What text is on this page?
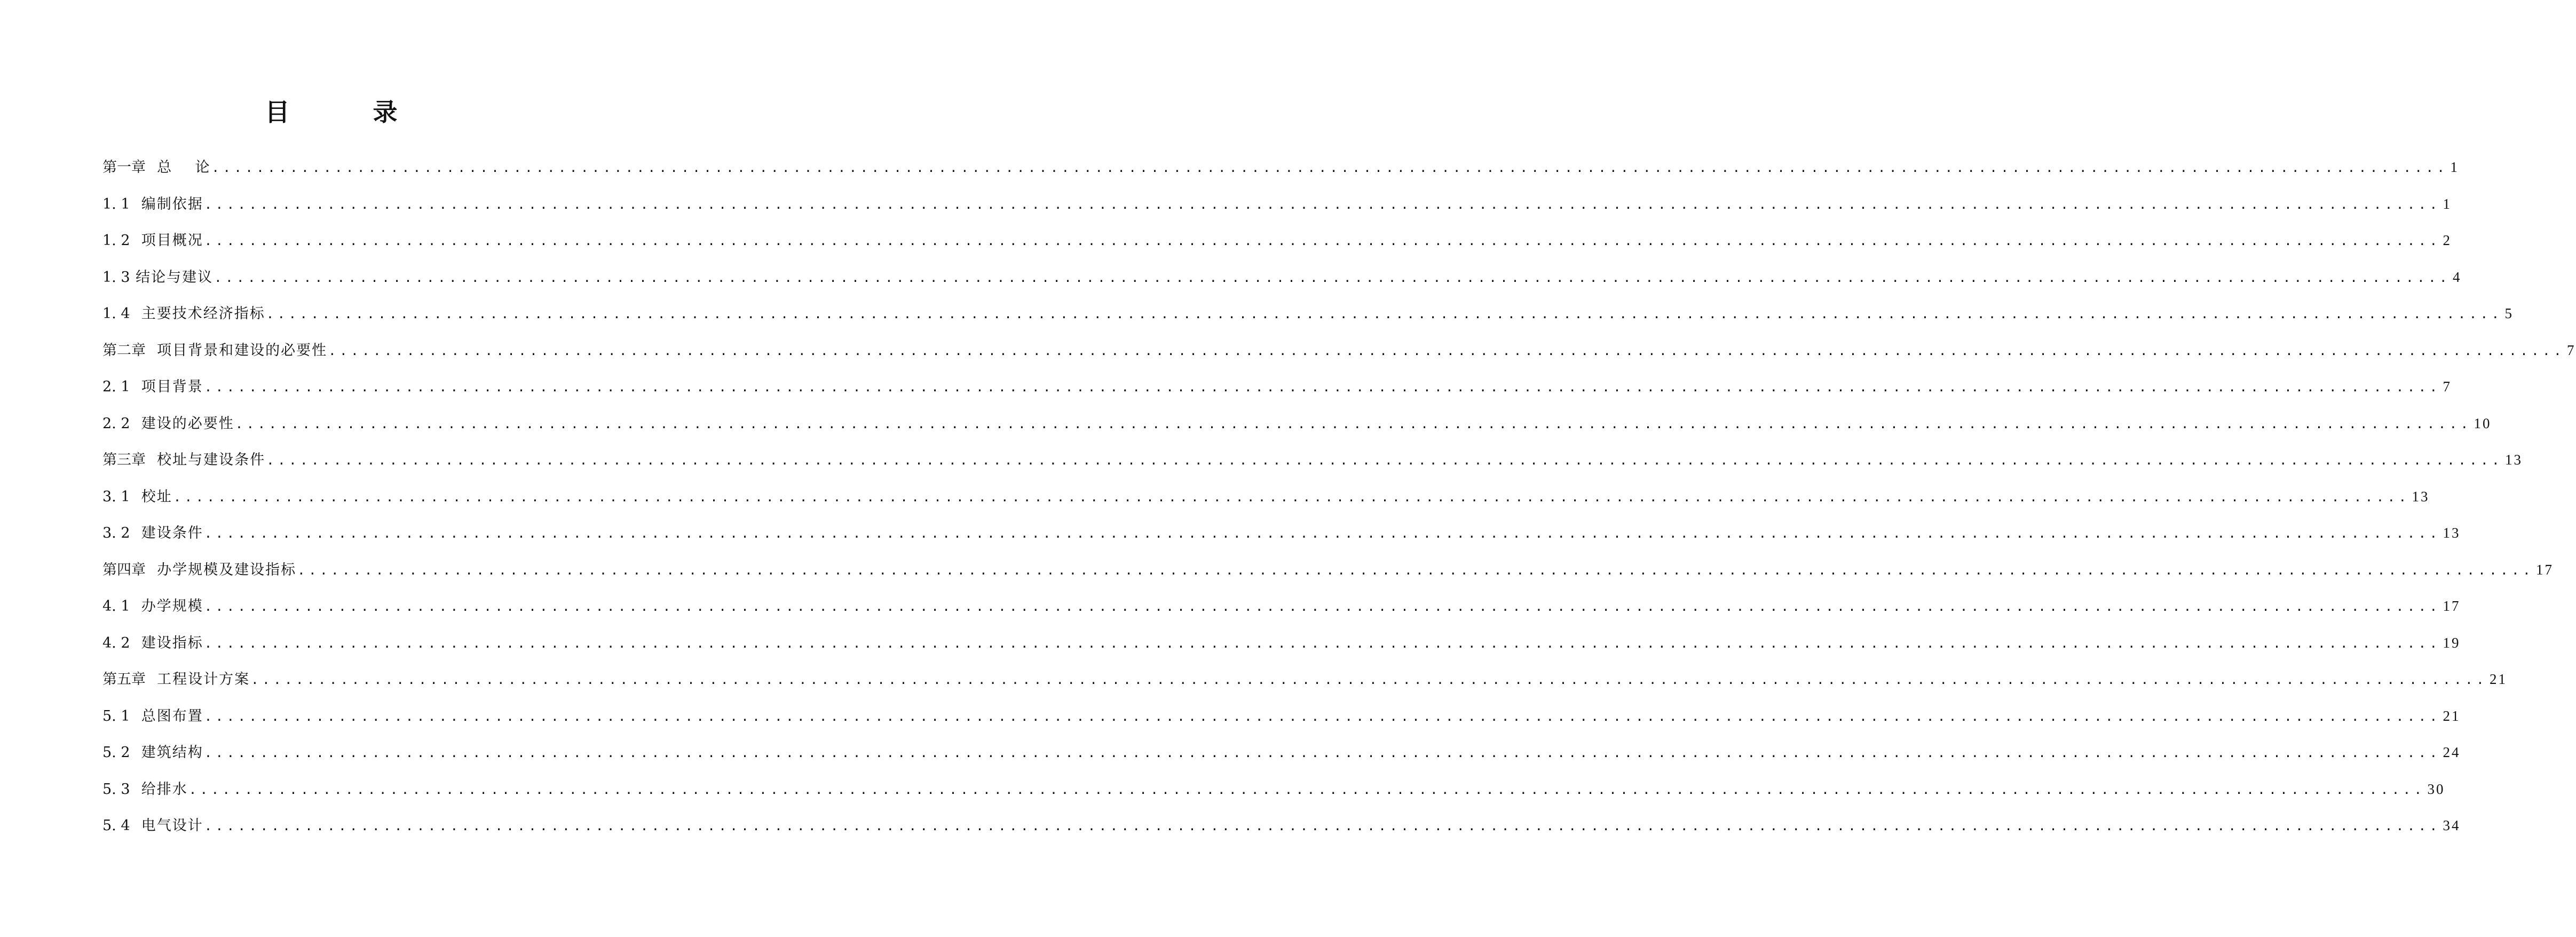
目 录
第一章 总    论 ........................................................................................................................................................................................................ 1
1. 1 编制依据 ........................................................................................................................................................................................................ 1
1. 2 项目概况 ........................................................................................................................................................................................................ 2
1. 3 结论与建议 ........................................................................................................................................................................................................ 4
1. 4 主要技术经济指标 ........................................................................................................................................................................................................ 5
第二章 项目背景和建设的必要性 ........................................................................................................................................................................................................ 7
2. 1 项目背景 ........................................................................................................................................................................................................ 7
2. 2 建设的必要性 ........................................................................................................................................................................................................ 10
第三章 校址与建设条件 ........................................................................................................................................................................................................ 13
3. 1 校址 ........................................................................................................................................................................................................ 13
3. 2 建设条件 ........................................................................................................................................................................................................ 13
第四章 办学规模及建设指标 ........................................................................................................................................................................................................ 17
4. 1 办学规模 ........................................................................................................................................................................................................ 17
4. 2 建设指标 ........................................................................................................................................................................................................ 19
第五章 工程设计方案 ........................................................................................................................................................................................................ 21
5. 1 总图布置 ........................................................................................................................................................................................................ 21
5. 2 建筑结构 ........................................................................................................................................................................................................ 24
5. 3 给排水 ........................................................................................................................................................................................................ 30
5. 4 电气设计 ........................................................................................................................................................................................................ 34
